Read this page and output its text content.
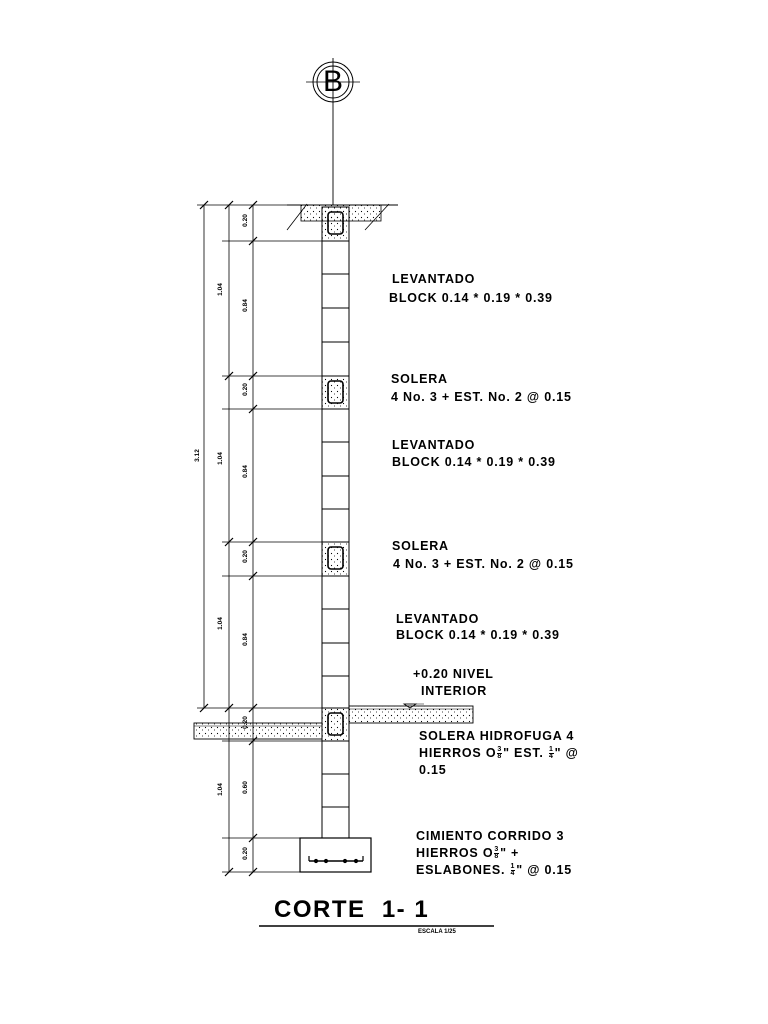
B
3.12
1.04
1.04
1.04
1.04
0.20
0.84
0.20
0.84
0.20
0.84
0.20
0.60
0.20
LEVANTADO
BLOCK 0.14 * 0.19 * 0.39
SOLERA
4 No. 3 + EST. No. 2 @ 0.15
LEVANTADO
BLOCK 0.14 * 0.19 * 0.39
SOLERA
4 No. 3 + EST. No. 2 @ 0.15
LEVANTADO
BLOCK 0.14 * 0.19 * 0.39
+0.20 NIVEL
INTERIOR
SOLERA HIDROFUGA 4
HIERROS O $\frac{3}{8}$ " EST. $\frac{1}{4}$ " @
0.15
CIMIENTO CORRIDO 3
HIERROS O $\frac{3}{8}$ " +
ESLABONES. $\frac{1}{4}$ " @ 0.15
CORTE  1- 1
ESCALA 1/25
